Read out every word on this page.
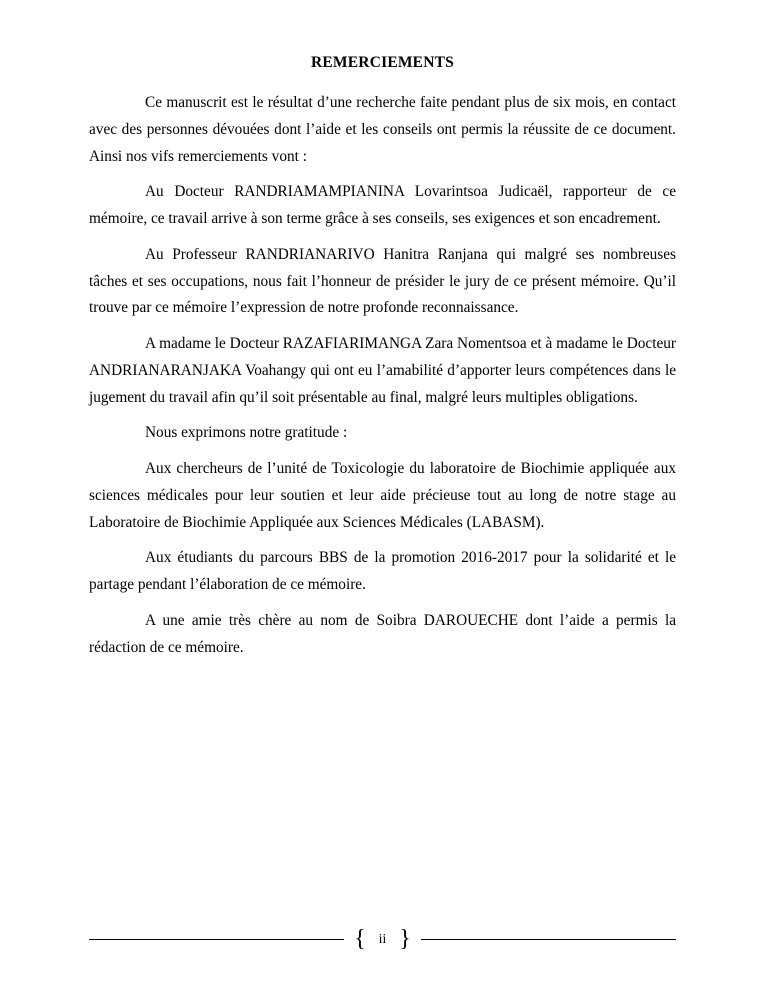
REMERCIEMENTS

Ce manuscrit est le résultat d’une recherche faite pendant plus de six mois, en contact avec des personnes dévouées dont l’aide et les conseils ont permis la réussite de ce document. Ainsi nos vifs remerciements vont :

Au Docteur RANDRIAMAMPIANINA Lovarintsoa Judicaël, rapporteur de ce mémoire, ce travail arrive à son terme grâce à ses conseils, ses exigences et son encadrement.

Au Professeur RANDRIANARIVO Hanitra Ranjana qui malgré ses nombreuses tâches et ses occupations, nous fait l’honneur de présider le jury de ce présent mémoire. Qu’il trouve par ce mémoire l’expression de notre profonde reconnaissance.

A madame le Docteur RAZAFIARIMANGA Zara Nomentsoa et à madame le Docteur ANDRIANARANJAKA Voahangy qui ont eu l’amabilité d’apporter leurs compétences dans le jugement du travail afin qu’il soit présentable au final, malgré leurs multiples obligations.

Nous exprimons notre gratitude :

Aux chercheurs de l’unité de Toxicologie du laboratoire de Biochimie appliquée aux sciences médicales pour leur soutien et leur aide précieuse tout au long de notre stage au Laboratoire de Biochimie Appliquée aux Sciences Médicales (LABASM).

Aux étudiants du parcours BBS de la promotion 2016-2017 pour la solidarité et le partage pendant l’élaboration de ce mémoire.

A une amie très chère au nom de Soibra DAROUECHE dont l’aide a permis la rédaction de ce mémoire.

{ ii }
